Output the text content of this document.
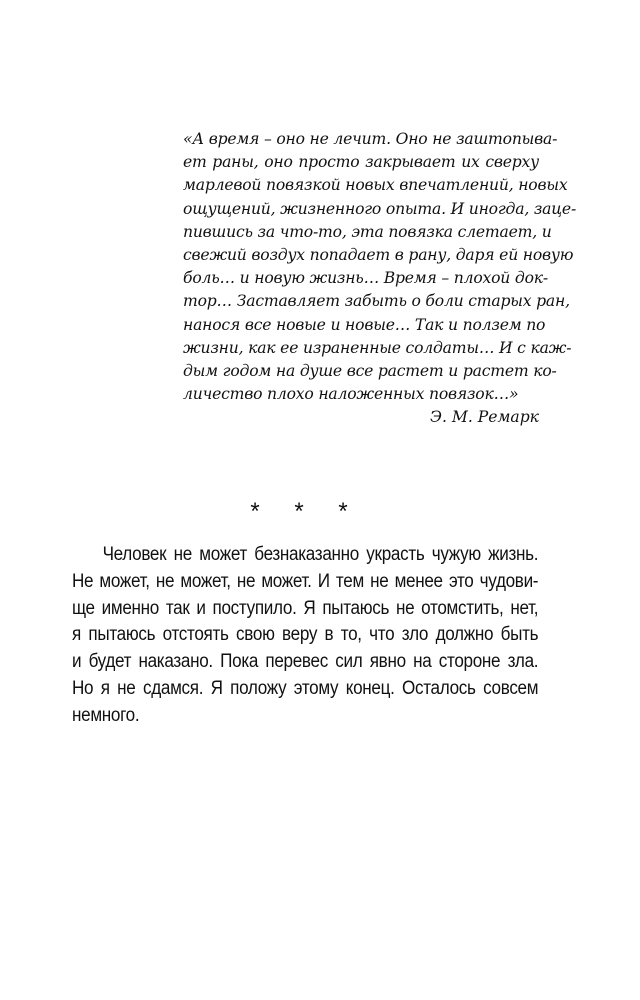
«А время – оно не лечит. Оно не заштопыва-
ет раны, оно просто закрывает их сверху
марлевой повязкой новых впечатлений, новых
ощущений, жизненного опыта. И иногда, заце-
пившись за что-то, эта повязка слетает, и
свежий воздух попадает в рану, даря ей новую
боль… и новую жизнь… Время – плохой док-
тор… Заставляет забыть о боли старых ран,
нанося все новые и новые… Так и ползем по
жизни, как ее израненные солдаты… И с каж-
дым годом на душе все растет и растет ко-
личество плохо наложенных повязок…»
Э. М. Ремарк
* * *
Человек не может безнаказанно украсть чужую жизнь.
Не может, не может, не может. И тем не менее это чудови-
ще именно так и поступило. Я пытаюсь не отомстить, нет,
я пытаюсь отстоять свою веру в то, что зло должно быть
и будет наказано. Пока перевес сил явно на стороне зла.
Но я не сдамся. Я положу этому конец. Осталось совсем
немного.
